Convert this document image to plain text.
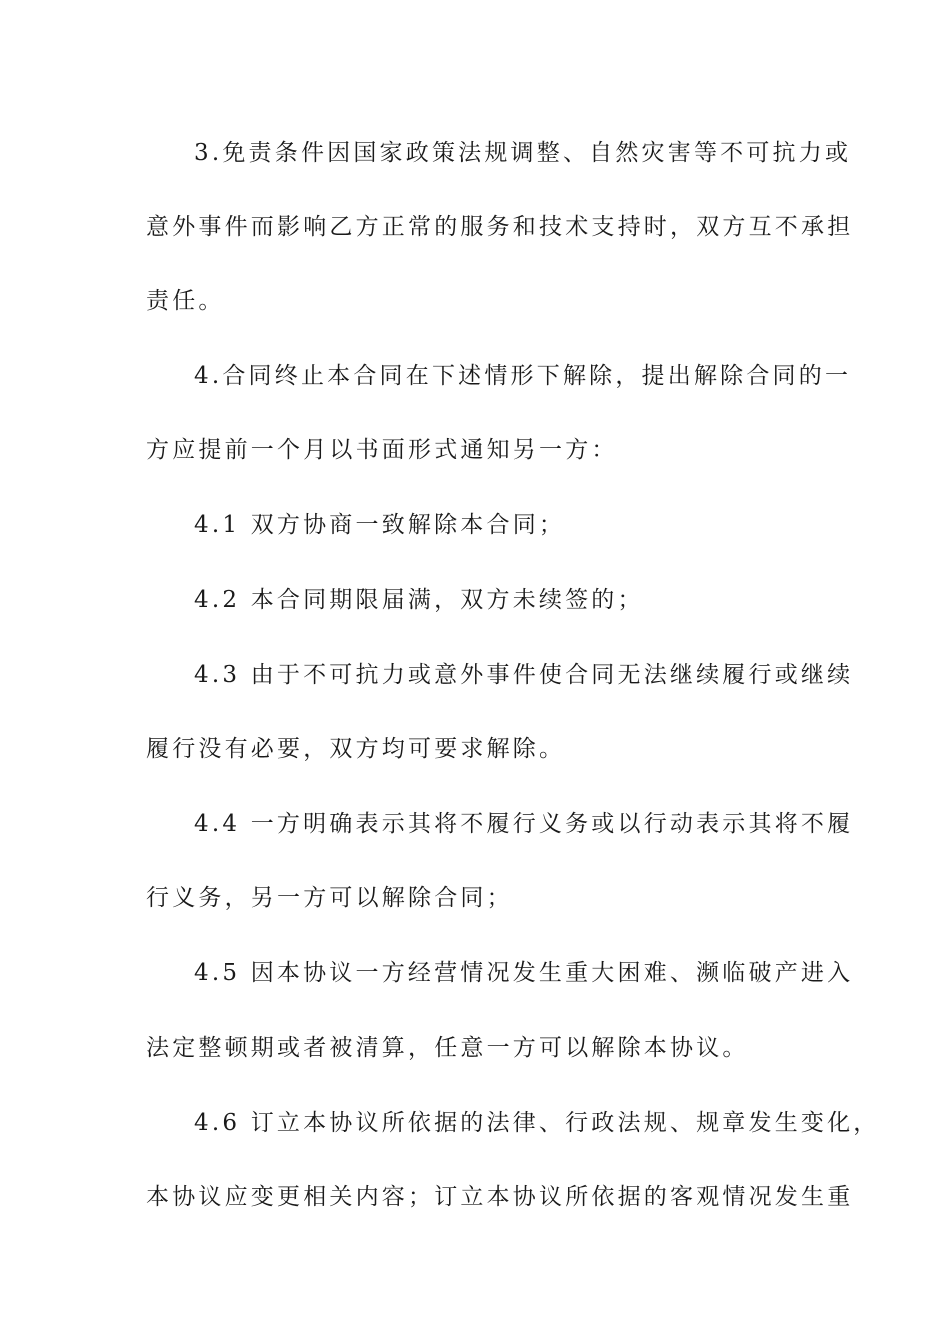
3.免责条件因国家政策法规调整、自然灾害等不可抗力或
意外事件而影响乙方正常的服务和技术支持时，双方互不承担
责任。
4.合同终止本合同在下述情形下解除，提出解除合同的一
方应提前一个月以书面形式通知另一方：
4.1 双方协商一致解除本合同；
4.2 本合同期限届满，双方未续签的；
4.3 由于不可抗力或意外事件使合同无法继续履行或继续
履行没有必要，双方均可要求解除。
4.4 一方明确表示其将不履行义务或以行动表示其将不履
行义务，另一方可以解除合同；
4.5 因本协议一方经营情况发生重大困难、濒临破产进入
法定整顿期或者被清算，任意一方可以解除本协议。
4.6 订立本协议所依据的法律、行政法规、规章发生变化，
本协议应变更相关内容；订立本协议所依据的客观情况发生重
